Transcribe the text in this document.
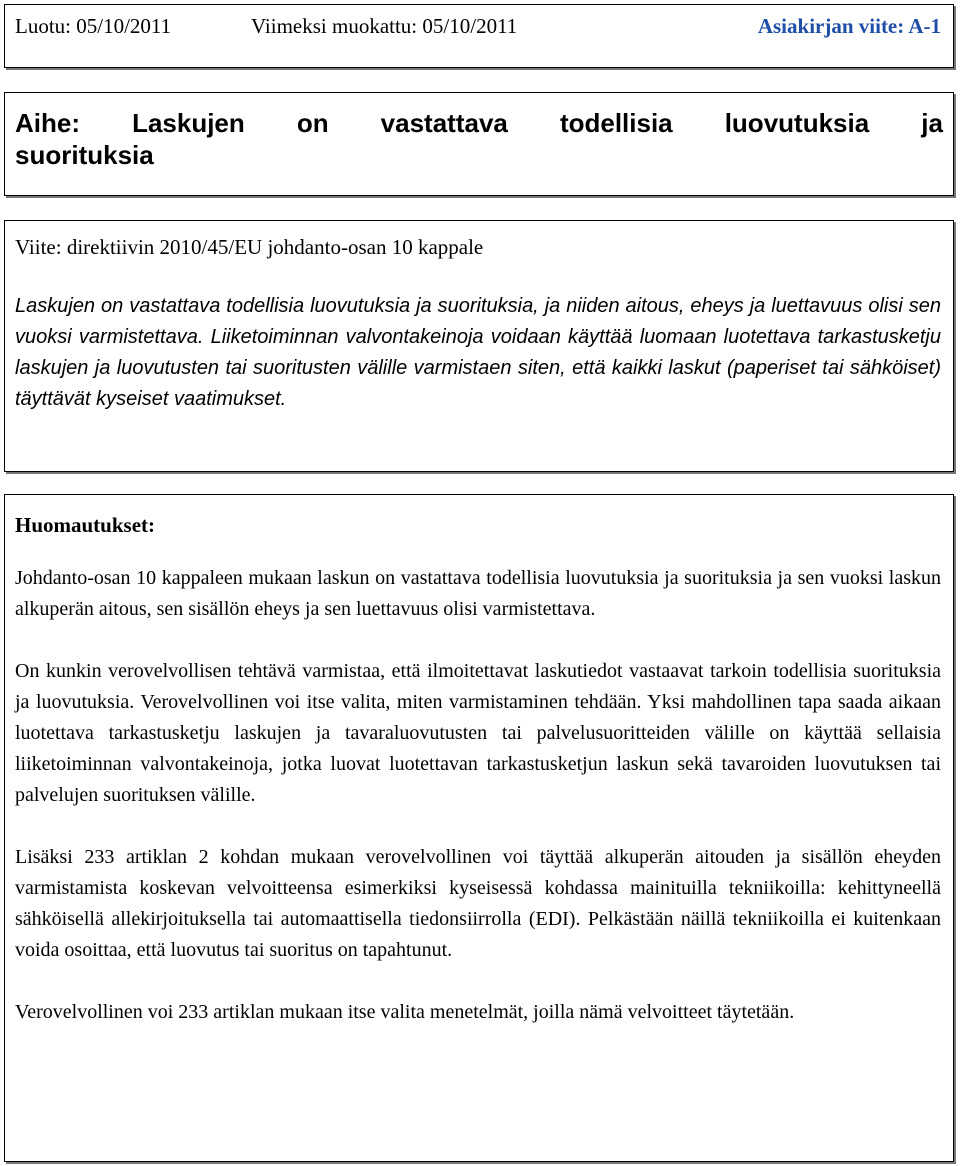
Luotu: 05/10/2011	Viimeksi muokattu: 05/10/2011	Asiakirjan viite: A-1
Aihe: Laskujen on vastattava todellisia luovutuksia ja
suorituksia
Viite: direktiivin 2010/45/EU johdanto-osan 10 kappale
Laskujen on vastattava todellisia luovutuksia ja suorituksia, ja niiden aitous, eheys ja luettavuus olisi sen vuoksi varmistettava. Liiketoiminnan valvontakeinoja voidaan käyttää luomaan luotettava tarkastusketju laskujen ja luovutusten tai suoritusten välille varmistaen siten, että kaikki laskut (paperiset tai sähköiset) täyttävät kyseiset vaatimukset.
Huomautukset:

Johdanto-osan 10 kappaleen mukaan laskun on vastattava todellisia luovutuksia ja suorituksia ja sen vuoksi laskun alkuperän aitous, sen sisällön eheys ja sen luettavuus olisi varmistettava.

On kunkin verovelvollisen tehtävä varmistaa, että ilmoitettavat laskutiedot vastaavat tarkoin todellisia suorituksia ja luovutuksia. Verovelvollinen voi itse valita, miten varmistaminen tehdään. Yksi mahdollinen tapa saada aikaan luotettava tarkastusketju laskujen ja tavaraluovutusten tai palvelusuoritteiden välille on käyttää sellaisia liiketoiminnan valvontakeinoja, jotka luovat luotettavan tarkastusketjun laskun sekä tavaroiden luovutuksen tai palvelujen suorituksen välille.

Lisäksi 233 artiklan 2 kohdan mukaan verovelvollinen voi täyttää alkuperän aitouden ja sisällön eheyden varmistamista koskevan velvoitteensa esimerkiksi kyseisessä kohdassa mainituilla tekniikoilla: kehittyneellä sähköisellä allekirjoituksella tai automaattisella tiedonsiirrolla (EDI). Pelkästään näillä tekniikoilla ei kuitenkaan voida osoittaa, että luovutus tai suoritus on tapahtunut.

Verovelvollinen voi 233 artiklan mukaan itse valita menetelmät, joilla nämä velvoitteet täytetään.
